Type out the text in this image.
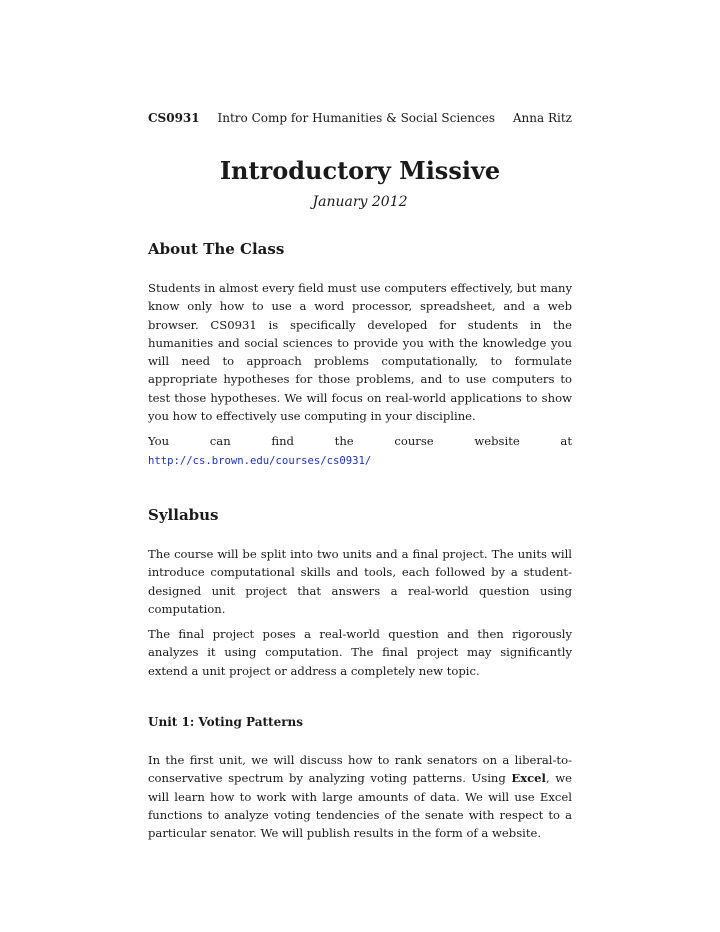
CS0931 Intro Comp for Humanities & Social Sciences Anna Ritz
Introductory Missive
January 2012
About The Class

Students in almost every field must use computers effectively, but many know only how to use a word processor, spreadsheet, and a web browser. CS0931 is specifically developed for students in the humanities and social sciences to provide you with the knowledge you will need to approach problems computationally, to formulate appropriate hypotheses for those problems, and to use computers to test those hypotheses. We will focus on real-world applications to show you how to effectively use computing in your discipline.

You can find the course website at http://cs.brown.edu/courses/cs0931/

Syllabus

The course will be split into two units and a final project. The units will introduce computational skills and tools, each followed by a student-designed unit project that answers a real-world question using computation.

The final project poses a real-world question and then rigorously analyzes it using computation. The final project may significantly extend a unit project or address a completely new topic.

Unit 1: Voting Patterns

In the first unit, we will discuss how to rank senators on a liberal-to-conservative spectrum by analyzing voting patterns. Using Excel, we will learn how to work with large amounts of data. We will use Excel functions to analyze voting tendencies of the senate with respect to a particular senator. We will publish results in the form of a website.
